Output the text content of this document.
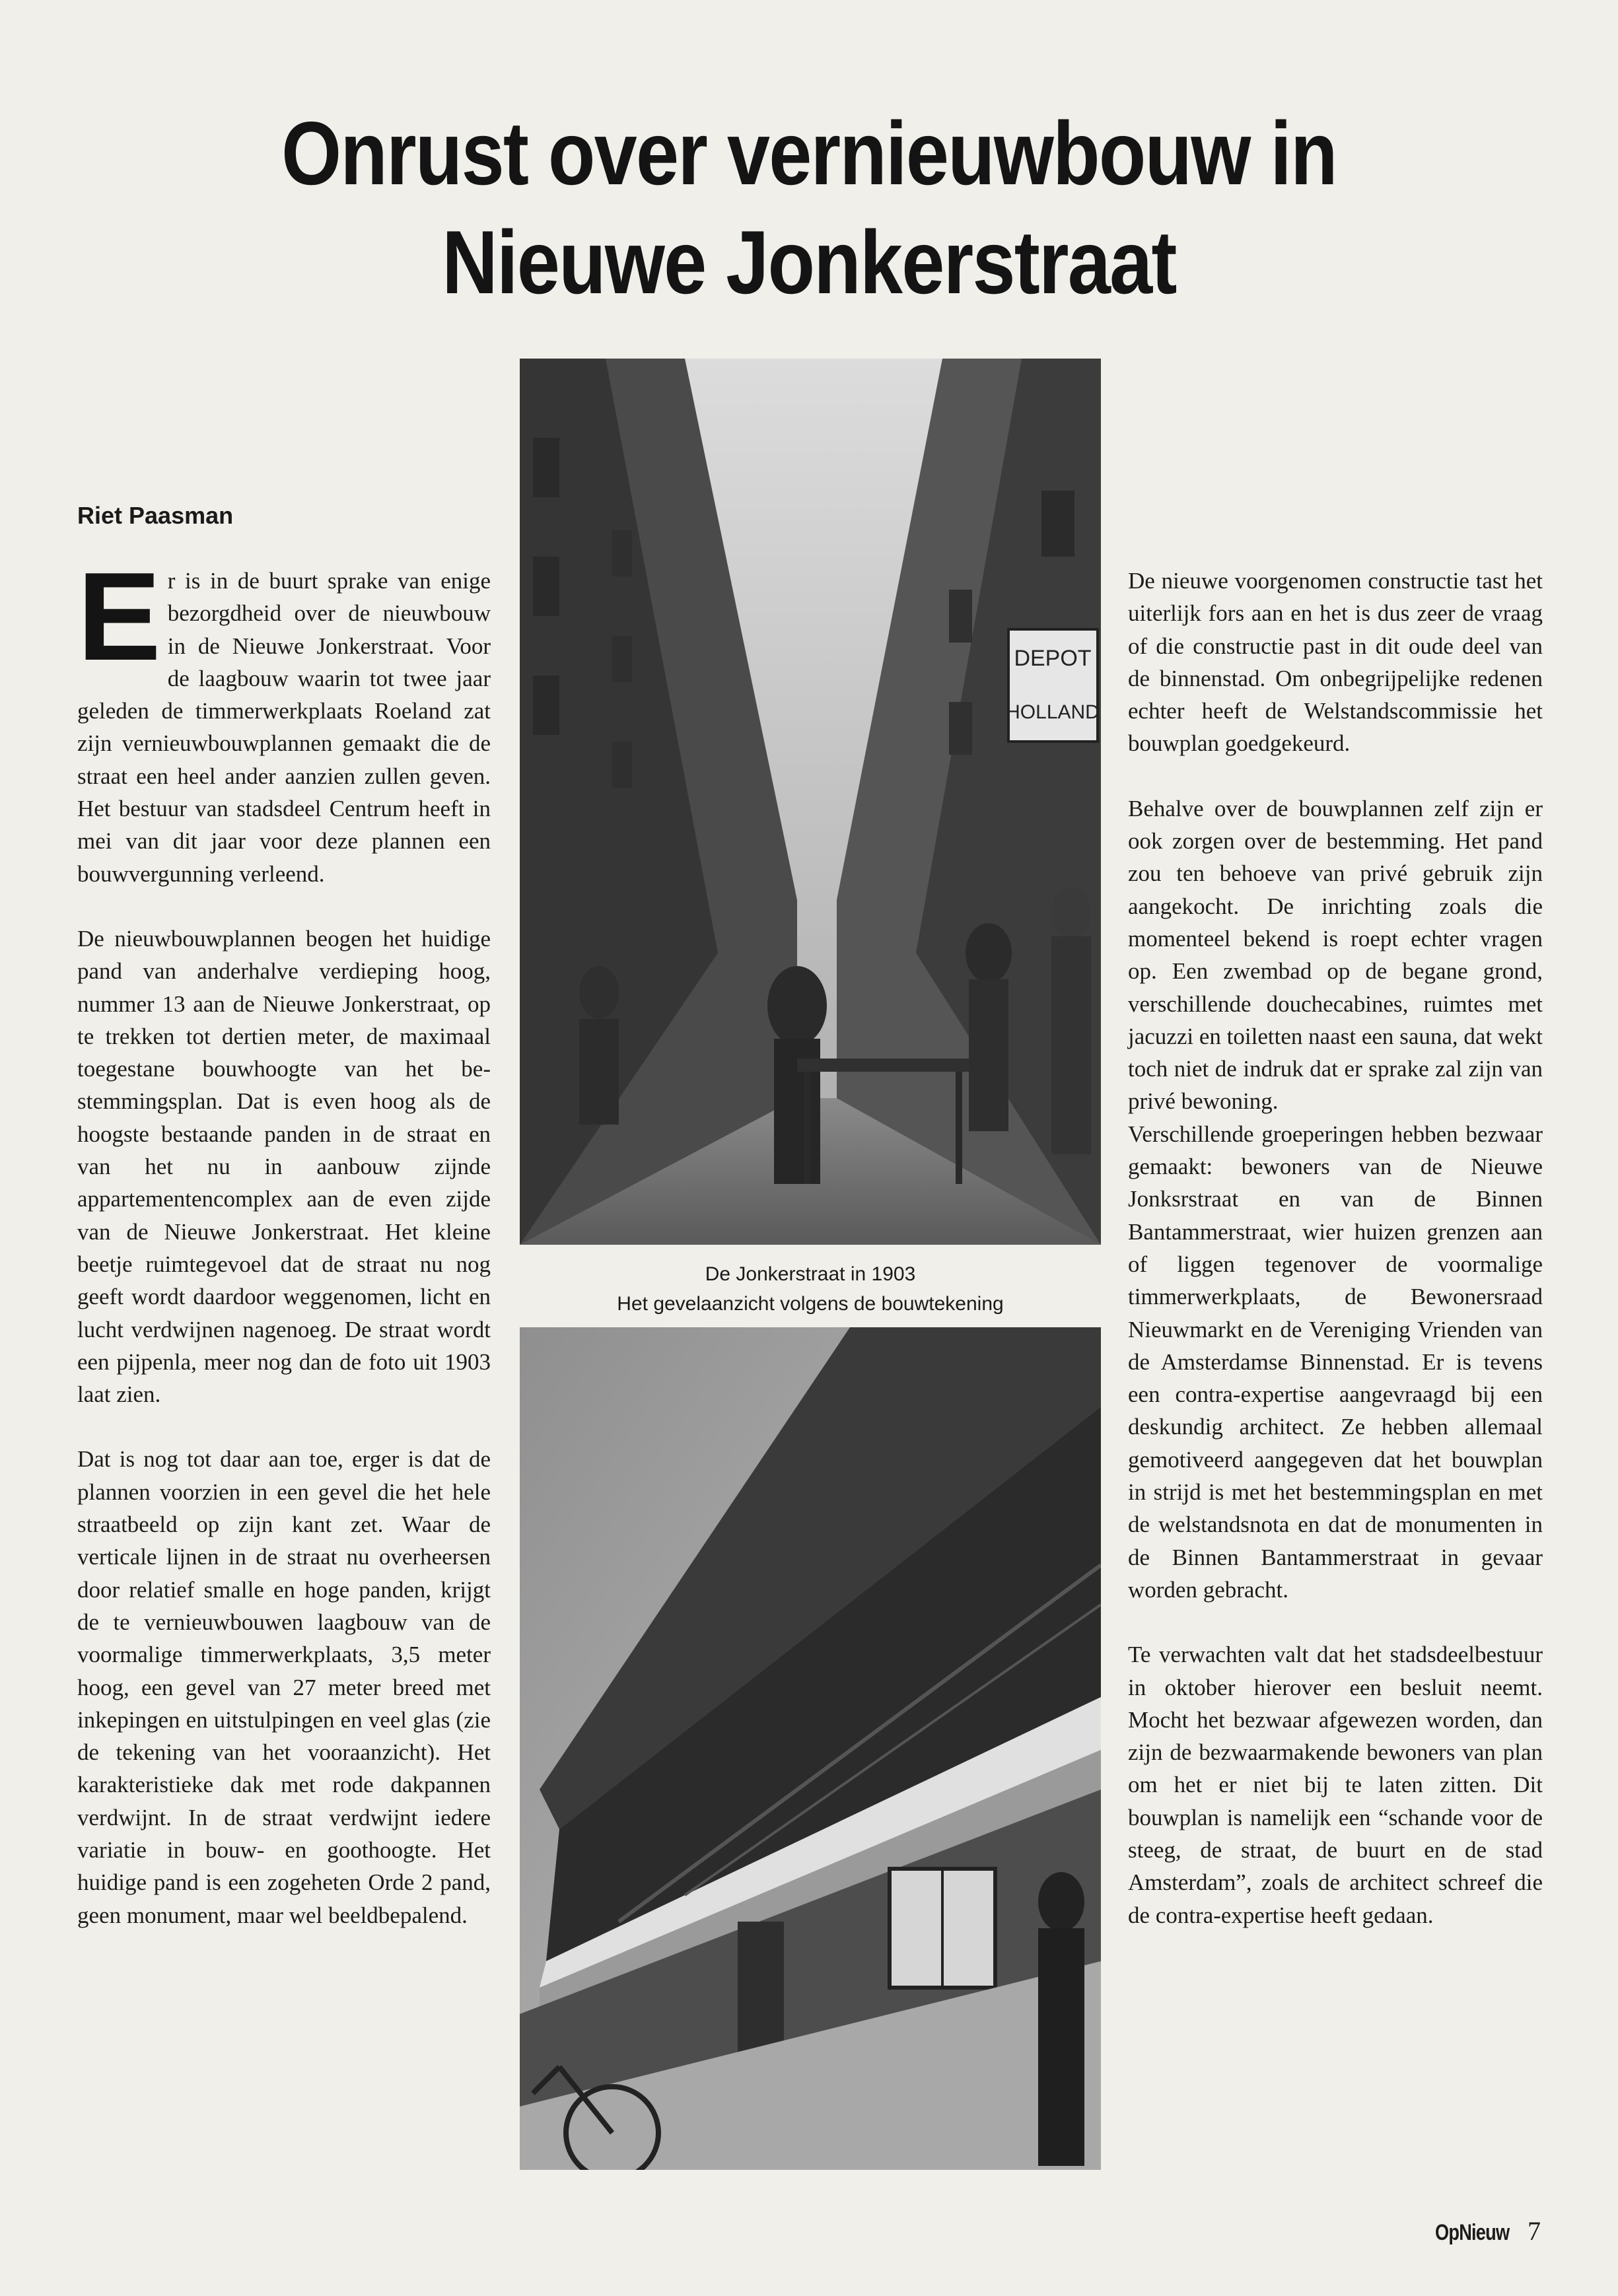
Onrust over vernieuwbouw in
Nieuwe Jonkerstraat
Riet Paasman

Er is in de buurt sprake van enige bezorgdheid over de nieuwbouw in de Nieuwe Jonkerstraat. Voor de laagbouw waarin tot twee jaar geleden de timmerwerkplaats Roeland zat zijn vernieuwbouwplannen gemaakt die de straat een heel ander aanzien zullen geven. Het bestuur van stadsdeel Centrum heeft in mei van dit jaar voor deze plannen een bouwvergunning verleend.

De nieuwbouwplannen beogen het huidige pand van anderhalve verdieping hoog, nummer 13 aan de Nieuwe Jonkerstraat, op te trekken tot dertien meter, de maximaal toegestane bouwhoogte van het bestemmingsplan. Dat is even hoog als de hoogste bestaande panden in de straat en van het nu in aanbouw zijnde appartementencomplex aan de even zijde van de Nieuwe Jonkerstraat. Het kleine beetje ruimtegevoel dat de straat nu nog geeft wordt daardoor weggenomen, licht en lucht verdwijnen nagenoeg. De straat wordt een pijpenla, meer nog dan de foto uit 1903 laat zien.

Dat is nog tot daar aan toe, erger is dat de plannen voorzien in een gevel die het hele straatbeeld op zijn kant zet. Waar de verticale lijnen in de straat nu overheersen door relatief smalle en hoge panden, krijgt de te vernieuwbouwen laagbouw van de voormalige timmerwerkplaats, 3,5 meter hoog, een gevel van 27 meter breed met inkepingen en uitstulpingen en veel glas (zie de tekening van het vooraanzicht). Het karakteristieke dak met rode dakpannen verdwijnt. In de straat verdwijnt iedere variatie in bouw- en goothoogte. Het huidige pand is een zogeheten Orde 2 pand, geen monument, maar wel beeldbepalend.

DEPOT
HOLLAND
De Jonkerstraat in 1903
Het gevelaanzicht volgens de bouwtekening

De nieuwe voorgenomen constructie tast het uiterlijk fors aan en het is dus zeer de vraag of die constructie past in dit oude deel van de binnenstad. Om onbegrijpelijke redenen echter heeft de Welstandscommissie het bouwplan goedgekeurd.

Behalve over de bouwplannen zelf zijn er ook zorgen over de bestemming. Het pand zou ten behoeve van privé gebruik zijn aangekocht. De inrichting zoals die momenteel bekend is roept echter vragen op. Een zwembad op de begane grond, verschillende douchecabines, ruimtes met jacuzzi en toiletten naast een sauna, dat wekt toch niet de indruk dat er sprake zal zijn van privé bewoning.

Verschillende groeperingen hebben bezwaar gemaakt: bewoners van de Nieuwe Jonksrstraat en van de Binnen Bantammerstraat, wier huizen grenzen aan of liggen tegenover de voormalige timmerwerkplaats, de Bewonersraad Nieuwmarkt en de Vereniging Vrienden van de Amsterdamse Binnenstad. Er is tevens een contra-expertise aangevraagd bij een deskundig architect. Ze hebben allemaal gemotiveerd aangegeven dat het bouwplan in strijd is met het bestemmingsplan en met de welstandsnota en dat de monumenten in de Binnen Bantammerstraat in gevaar worden gebracht.

Te verwachten valt dat het stadsdeelbestuur in oktober hierover een besluit neemt. Mocht het bezwaar afgewezen worden, dan zijn de bezwaarmakende bewoners van plan om het er niet bij te laten zitten. Dit bouwplan is namelijk een “schande voor de steeg, de straat, de buurt en de stad Amsterdam”, zoals de architect schreef die de contra-expertise heeft gedaan.

OpNieuw 7
